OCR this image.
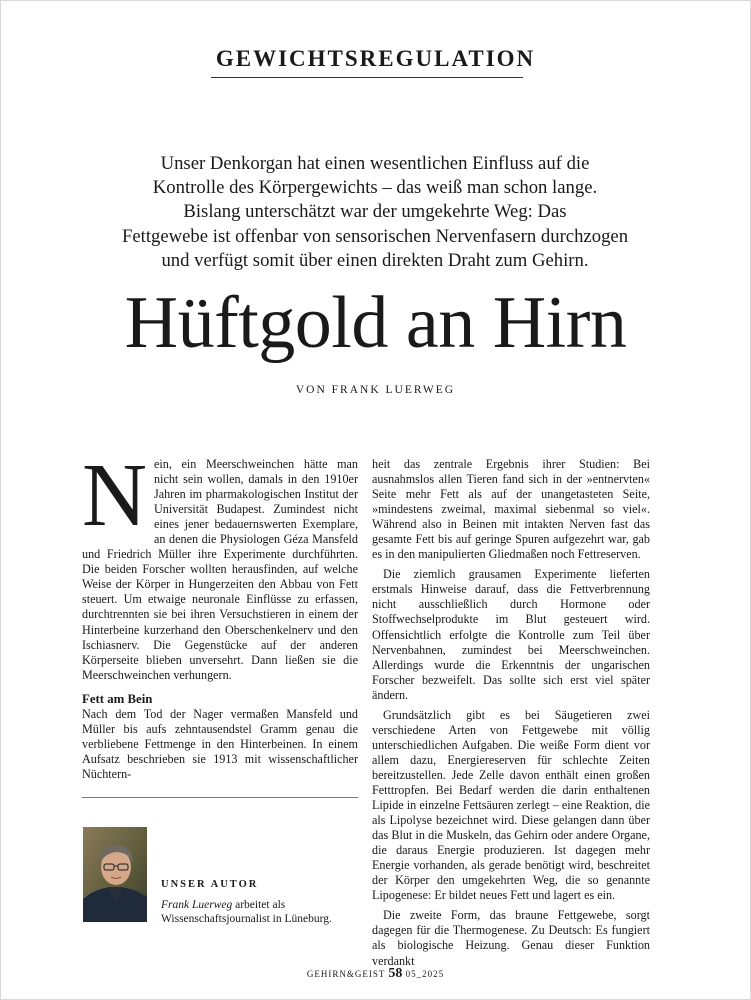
GEWICHTSREGULATION
Unser Denkorgan hat einen wesentlichen Einfluss auf die
Kontrolle des Körpergewichts – das weiß man schon lange.
Bislang unterschätzt war der umgekehrte Weg: Das
Fettgewebe ist offenbar von sensorischen Nervenfasern durchzogen
und verfügt somit über einen direkten Draht zum Gehirn.
Hüftgold an Hirn
VON FRANK LUERWEG

Nein, ein Meerschweinchen hätte man nicht sein wollen, damals in den 1910er Jahren im pharmakologischen Institut der Universität Budapest. Zumindest nicht eines jener bedauernswerten Exemplare, an denen die Physiologen Géza Mansfeld und Friedrich Müller ihre Experimente durchführten. Die beiden Forscher wollten herausfinden, auf welche Weise der Körper in Hungerzeiten den Abbau von Fett steuert. Um etwaige neuronale Einflüsse zu erfassen, durchtrennten sie bei ihren Versuchstieren in einem der Hinterbeine kurzerhand den Oberschenkelnerv und den Ischiasnerv. Die Gegenstücke auf der anderen Körperseite blieben unversehrt. Dann ließen sie die Meerschweinchen verhungern.

Fett am Bein

Nach dem Tod der Nager vermaßen Mansfeld und Müller bis aufs zehntausendstel Gramm genau die verbliebene Fettmenge in den Hinterbeinen. In einem Aufsatz beschrieben sie 1913 mit wissenschaftlicher Nüchtern-

heit das zentrale Ergebnis ihrer Studien: Bei ausnahmslos allen Tieren fand sich in der »entnervten« Seite mehr Fett als auf der unangetasteten Seite, »mindestens zweimal, maximal siebenmal so viel«. Während also in Beinen mit intakten Nerven fast das gesamte Fett bis auf geringe Spuren aufgezehrt war, gab es in den manipulierten Gliedmaßen noch Fettreserven.

Die ziemlich grausamen Experimente lieferten erstmals Hinweise darauf, dass die Fettverbrennung nicht ausschließlich durch Hormone oder Stoffwechselprodukte im Blut gesteuert wird. Offensichtlich erfolgte die Kontrolle zum Teil über Nervenbahnen, zumindest bei Meerschweinchen. Allerdings wurde die Erkenntnis der ungarischen Forscher bezweifelt. Das sollte sich erst viel später ändern.

Grundsätzlich gibt es bei Säugetieren zwei verschiedene Arten von Fettgewebe mit völlig unterschiedlichen Aufgaben. Die weiße Form dient vor allem dazu, Energiereserven für schlechte Zeiten bereitzustellen. Jede Zelle davon enthält einen großen Fetttropfen. Bei Bedarf werden die darin enthaltenen Lipide in einzelne Fettsäuren zerlegt – eine Reaktion, die als Lipolyse bezeichnet wird. Diese gelangen dann über das Blut in die Muskeln, das Gehirn oder andere Organe, die daraus Energie produzieren. Ist dagegen mehr Energie vorhanden, als gerade benötigt wird, beschreitet der Körper den umgekehrten Weg, die so genannte Lipogenese: Er bildet neues Fett und lagert es ein.

Die zweite Form, das braune Fettgewebe, sorgt dagegen für die Thermogenese. Zu Deutsch: Es fungiert als biologische Heizung. Genau dieser Funktion verdankt

UNSER AUTOR
Frank Luerweg arbeitet als Wissenschaftsjournalist in Lüneburg.
GEHIRN&GEIST 58 05_2025
